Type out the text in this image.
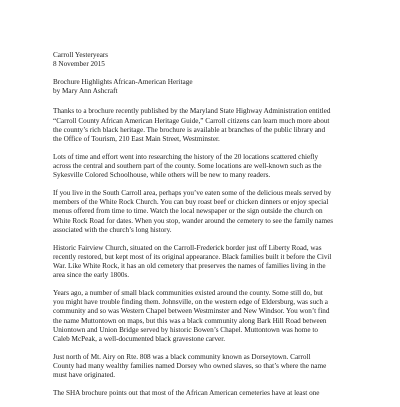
Carroll Yesteryears

8 November 2015

Brochure Highlights African-American Heritage

by Mary Ann Ashcraft

Thanks to a brochure recently published by the Maryland State Highway Administration entitled

“Carroll County African American Heritage Guide,” Carroll citizens can learn much more about

the county’s rich black heritage. The brochure is available at branches of the public library and

the Office of Tourism, 210 East Main Street, Westminster.

Lots of time and effort went into researching the history of the 20 locations scattered chiefly

across the central and southern part of the county. Some locations are well-known such as the

Sykesville Colored Schoolhouse, while others will be new to many readers.

If you live in the South Carroll area, perhaps you’ve eaten some of the delicious meals served by

members of the White Rock Church. You can buy roast beef or chicken dinners or enjoy special

menus offered from time to time. Watch the local newspaper or the sign outside the church on

White Rock Road for dates. When you stop, wander around the cemetery to see the family names

associated with the church’s long history.

Historic Fairview Church, situated on the Carroll-Frederick border just off Liberty Road, was

recently restored, but kept most of its original appearance. Black families built it before the Civil

War. Like White Rock, it has an old cemetery that preserves the names of families living in the

area since the early 1800s.

Years ago, a number of small black communities existed around the county. Some still do, but

you might have trouble finding them. Johnsville, on the western edge of Eldersburg, was such a

community and so was Western Chapel between Westminster and New Windsor. You won’t find

the name Muttontown on maps, but this was a black community along Bark Hill Road between

Uniontown and Union Bridge served by historic Bowen’s Chapel. Muttontown was home to

Caleb McPeak, a well-documented black gravestone carver.

Just north of Mt. Airy on Rte. 808 was a black community known as Dorseytown. Carroll

County had many wealthy families named Dorsey who owned slaves, so that’s where the name

must have originated.

The SHA brochure points out that most of the African American cemeteries have at least one
